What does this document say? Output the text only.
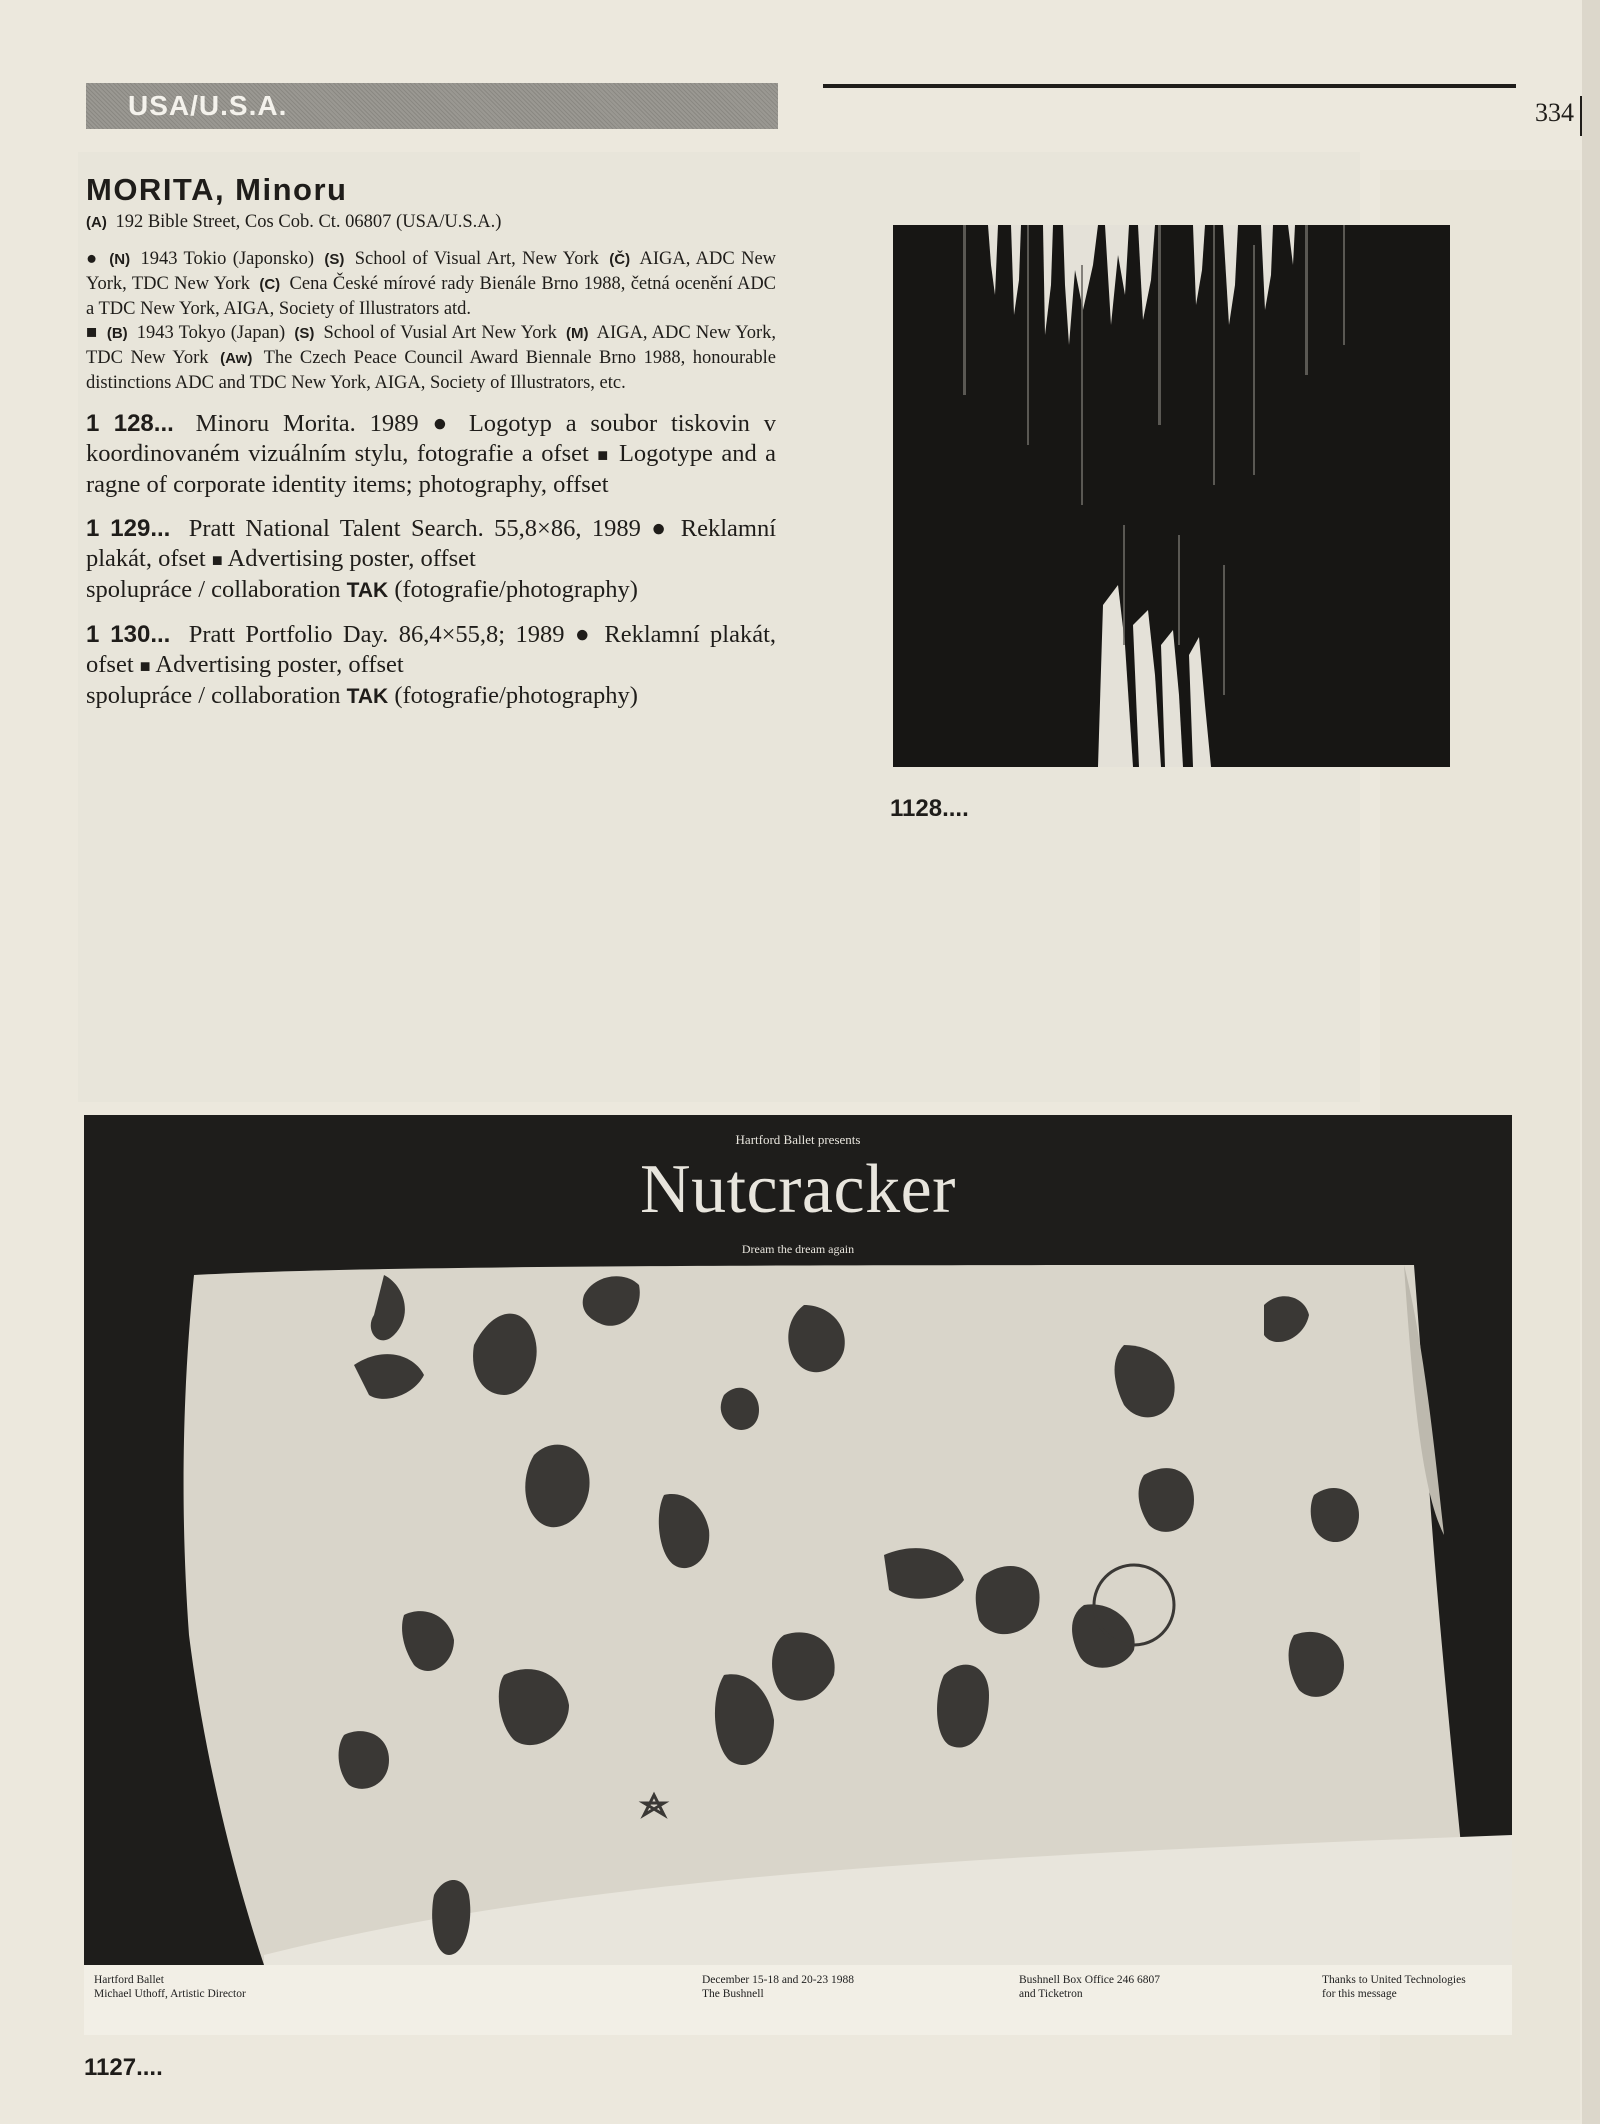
USA/U.S.A.	334
MORITA, Minoru
(A) 192 Bible Street, Cos Cob. Ct. 06807 (USA/U.S.A.)
● (N) 1943 Tokio (Japonsko) (S) School of Visual Art, New York (Č) AIGA, ADC New York, TDC New York (C) Cena České mírové rady Bienále Brno 1988, četná ocenění ADC a TDC New York, AIGA, Society of Illustrators atd.
■ (B) 1943 Tokyo (Japan) (S) School of Vusial Art New York (M) AIGA, ADC New York, TDC New York (Aw) The Czech Peace Council Award Biennale Brno 1988, honourable distinctions ADC and TDC New York, AIGA, Society of Illustrators, etc.
1 128... Minoru Morita. 1989 ● Logotyp a soubor tiskovin v koordinovaném vizuálním stylu, fotografie a ofset ■ Logotype and a ragne of corporate identity items; photography, offset
1 129... Pratt National Talent Search. 55,8×86, 1989 ● Reklamní plakát, ofset ■ Advertising poster, offset
spolupráce / collaboration TAK (fotografie/photography)
1 130... Pratt Portfolio Day. 86,4×55,8; 1989 ● Reklamní plakát, ofset ■ Advertising poster, offset
spolupráce / collaboration TAK (fotografie/photography)
1128....
Hartford Ballet presents
Nutcracker
Dream the dream again
Hartford Ballet
Michael Uthoff, Artistic Director
December 15-18 and 20-23 1988
The Bushnell
Bushnell Box Office 246 6807
and Ticketron
Thanks to United Technologies
for this message
1127....
